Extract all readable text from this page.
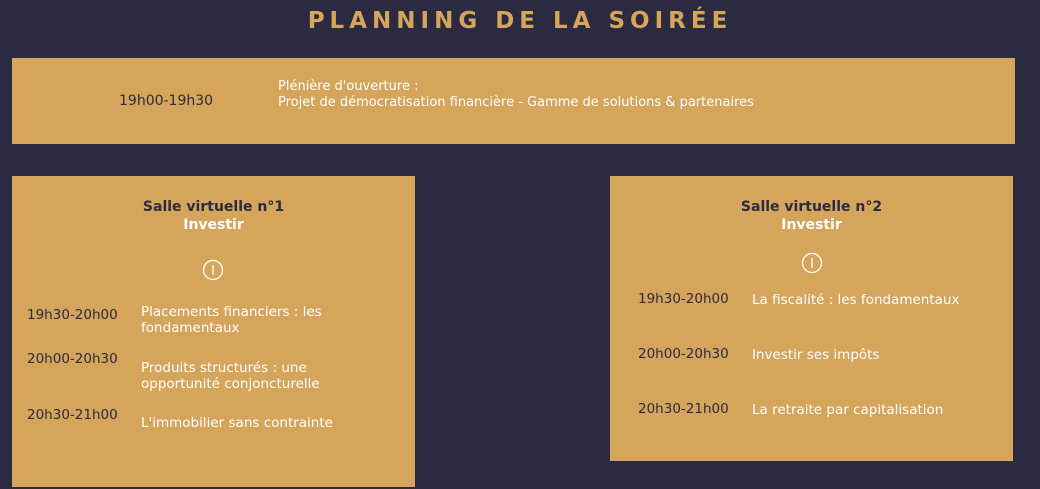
PLANNING DE LA SOIRÉE
19h00-19h30
Plénière d'ouverture :
Projet de démocratisation financière - Gamme de solutions & partenaires
Salle virtuelle n°1
Investir
19h30-20h00 Placements financiers : les
fondamentaux
20h00-20h30
Produits structurés : une
opportunité conjoncturelle
20h30-21h00 L'immobilier sans contrainte
Salle virtuelle n°2
Investir
19h30-20h00 La fiscalité : les fondamentaux
20h00-20h30 Investir ses impôts
20h30-21h00 La retraite par capitalisation
